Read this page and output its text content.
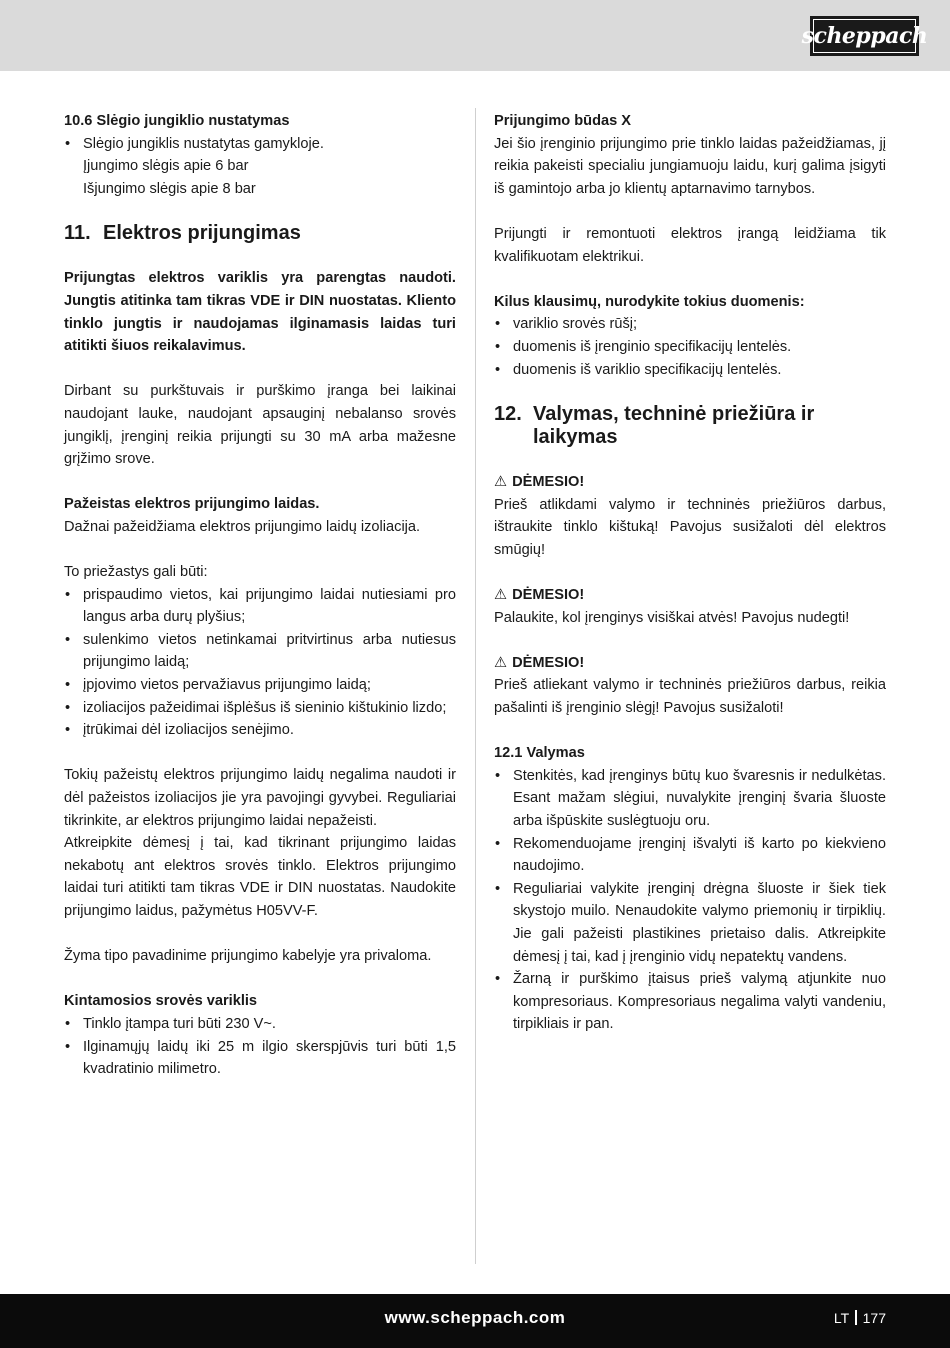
scheppach

10.6 Slėgio jungiklio nustatymas

• Slėgio jungiklis nustatytas gamykloje.

Įjungimo slėgis apie 6 bar

Išjungimo slėgis apie 8 bar

11. Elektros prijungimas

Prijungtas elektros variklis yra parengtas naudoti. Jungtis atitinka tam tikras VDE ir DIN nuostatas. Kliento tinklo jungtis ir naudojamas ilginamasis laidas turi atitikti šiuos reikalavimus.

Dirbant su purkštuvais ir purškimo įranga bei laikinai naudojant lauke, naudojant apsauginį nebalanso srovės jungiklį, įrenginį reikia prijungti su 30 mA arba mažesne grįžimo srove.

Pažeistas elektros prijungimo laidas.

Dažnai pažeidžiama elektros prijungimo laidų izoliacija.

To priežastys gali būti:

• prispaudimo vietos, kai prijungimo laidai nutiesiami pro langus arba durų plyšius;
• sulenkimo vietos netinkamai pritvirtinus arba nutiesus prijungimo laidą;
• įpjovimo vietos pervažiavus prijungimo laidą;
• izoliacijos pažeidimai išplėšus iš sieninio kištukinio lizdo;
• įtrūkimai dėl izoliacijos senėjimo.

Tokių pažeistų elektros prijungimo laidų negalima naudoti ir dėl pažeistos izoliacijos jie yra pavojingi gyvybei. Reguliariai tikrinkite, ar elektros prijungimo laidai nepažeisti.

Atkreipkite dėmesį į tai, kad tikrinant prijungimo laidas nekabotų ant elektros srovės tinklo. Elektros prijungimo laidai turi atitikti tam tikras VDE ir DIN nuostatas. Naudokite prijungimo laidus, pažymėtus H05VV-F.

Žyma tipo pavadinime prijungimo kabelyje yra privaloma.

Kintamosios srovės variklis

• Tinklo įtampa turi būti 230 V~.
• Ilginamųjų laidų iki 25 m ilgio skerspjūvis turi būti 1,5 kvadratinio milimetro.

Prijungimo būdas X

Jei šio įrenginio prijungimo prie tinklo laidas pažeidžiamas, jį reikia pakeisti specialiu jungiamuoju laidu, kurį galima įsigyti iš gamintojo arba jo klientų aptarnavimo tarnybos.

Prijungti ir remontuoti elektros įrangą leidžiama tik kvalifikuotam elektrikui.

Kilus klausimų, nurodykite tokius duomenis:

• variklio srovės rūšį;
• duomenis iš įrenginio specifikacijų lentelės.
• duomenis iš variklio specifikacijų lentelės.
12. Valymas, techninė priežiūra ir laikymas

⚠ DĖMESIO!

Prieš atlikdami valymo ir techninės priežiūros darbus, ištraukite tinklo kištuką! Pavojus susižaloti dėl elektros smūgių!

⚠ DĖMESIO!

Palaukite, kol įrenginys visiškai atvės! Pavojus nudegti!

⚠ DĖMESIO!

Prieš atliekant valymo ir techninės priežiūros darbus, reikia pašalinti iš įrenginio slėgį! Pavojus susižaloti!

12.1 Valymas

• Stenkitės, kad įrenginys būtų kuo švaresnis ir nedulkėtas. Esant mažam slėgiui, nuvalykite įrenginį švaria šluoste arba išpūskite suslėgtuoju oru.
• Rekomenduojame įrenginį išvalyti iš karto po kiekvieno naudojimo.
• Reguliariai valykite įrenginį drėgna šluoste ir šiek tiek skystojo muilo. Nenaudokite valymo priemonių ir tirpiklių. Jie gali pažeisti plastikines prietaiso dalis. Atkreipkite dėmesį į tai, kad į įrenginio vidų nepatektų vandens.
• Žarną ir purškimo įtaisus prieš valymą atjunkite nuo kompresoriaus. Kompresoriaus negalima valyti vandeniu, tirpikliais ir pan.
www.scheppach.com	LT 177
